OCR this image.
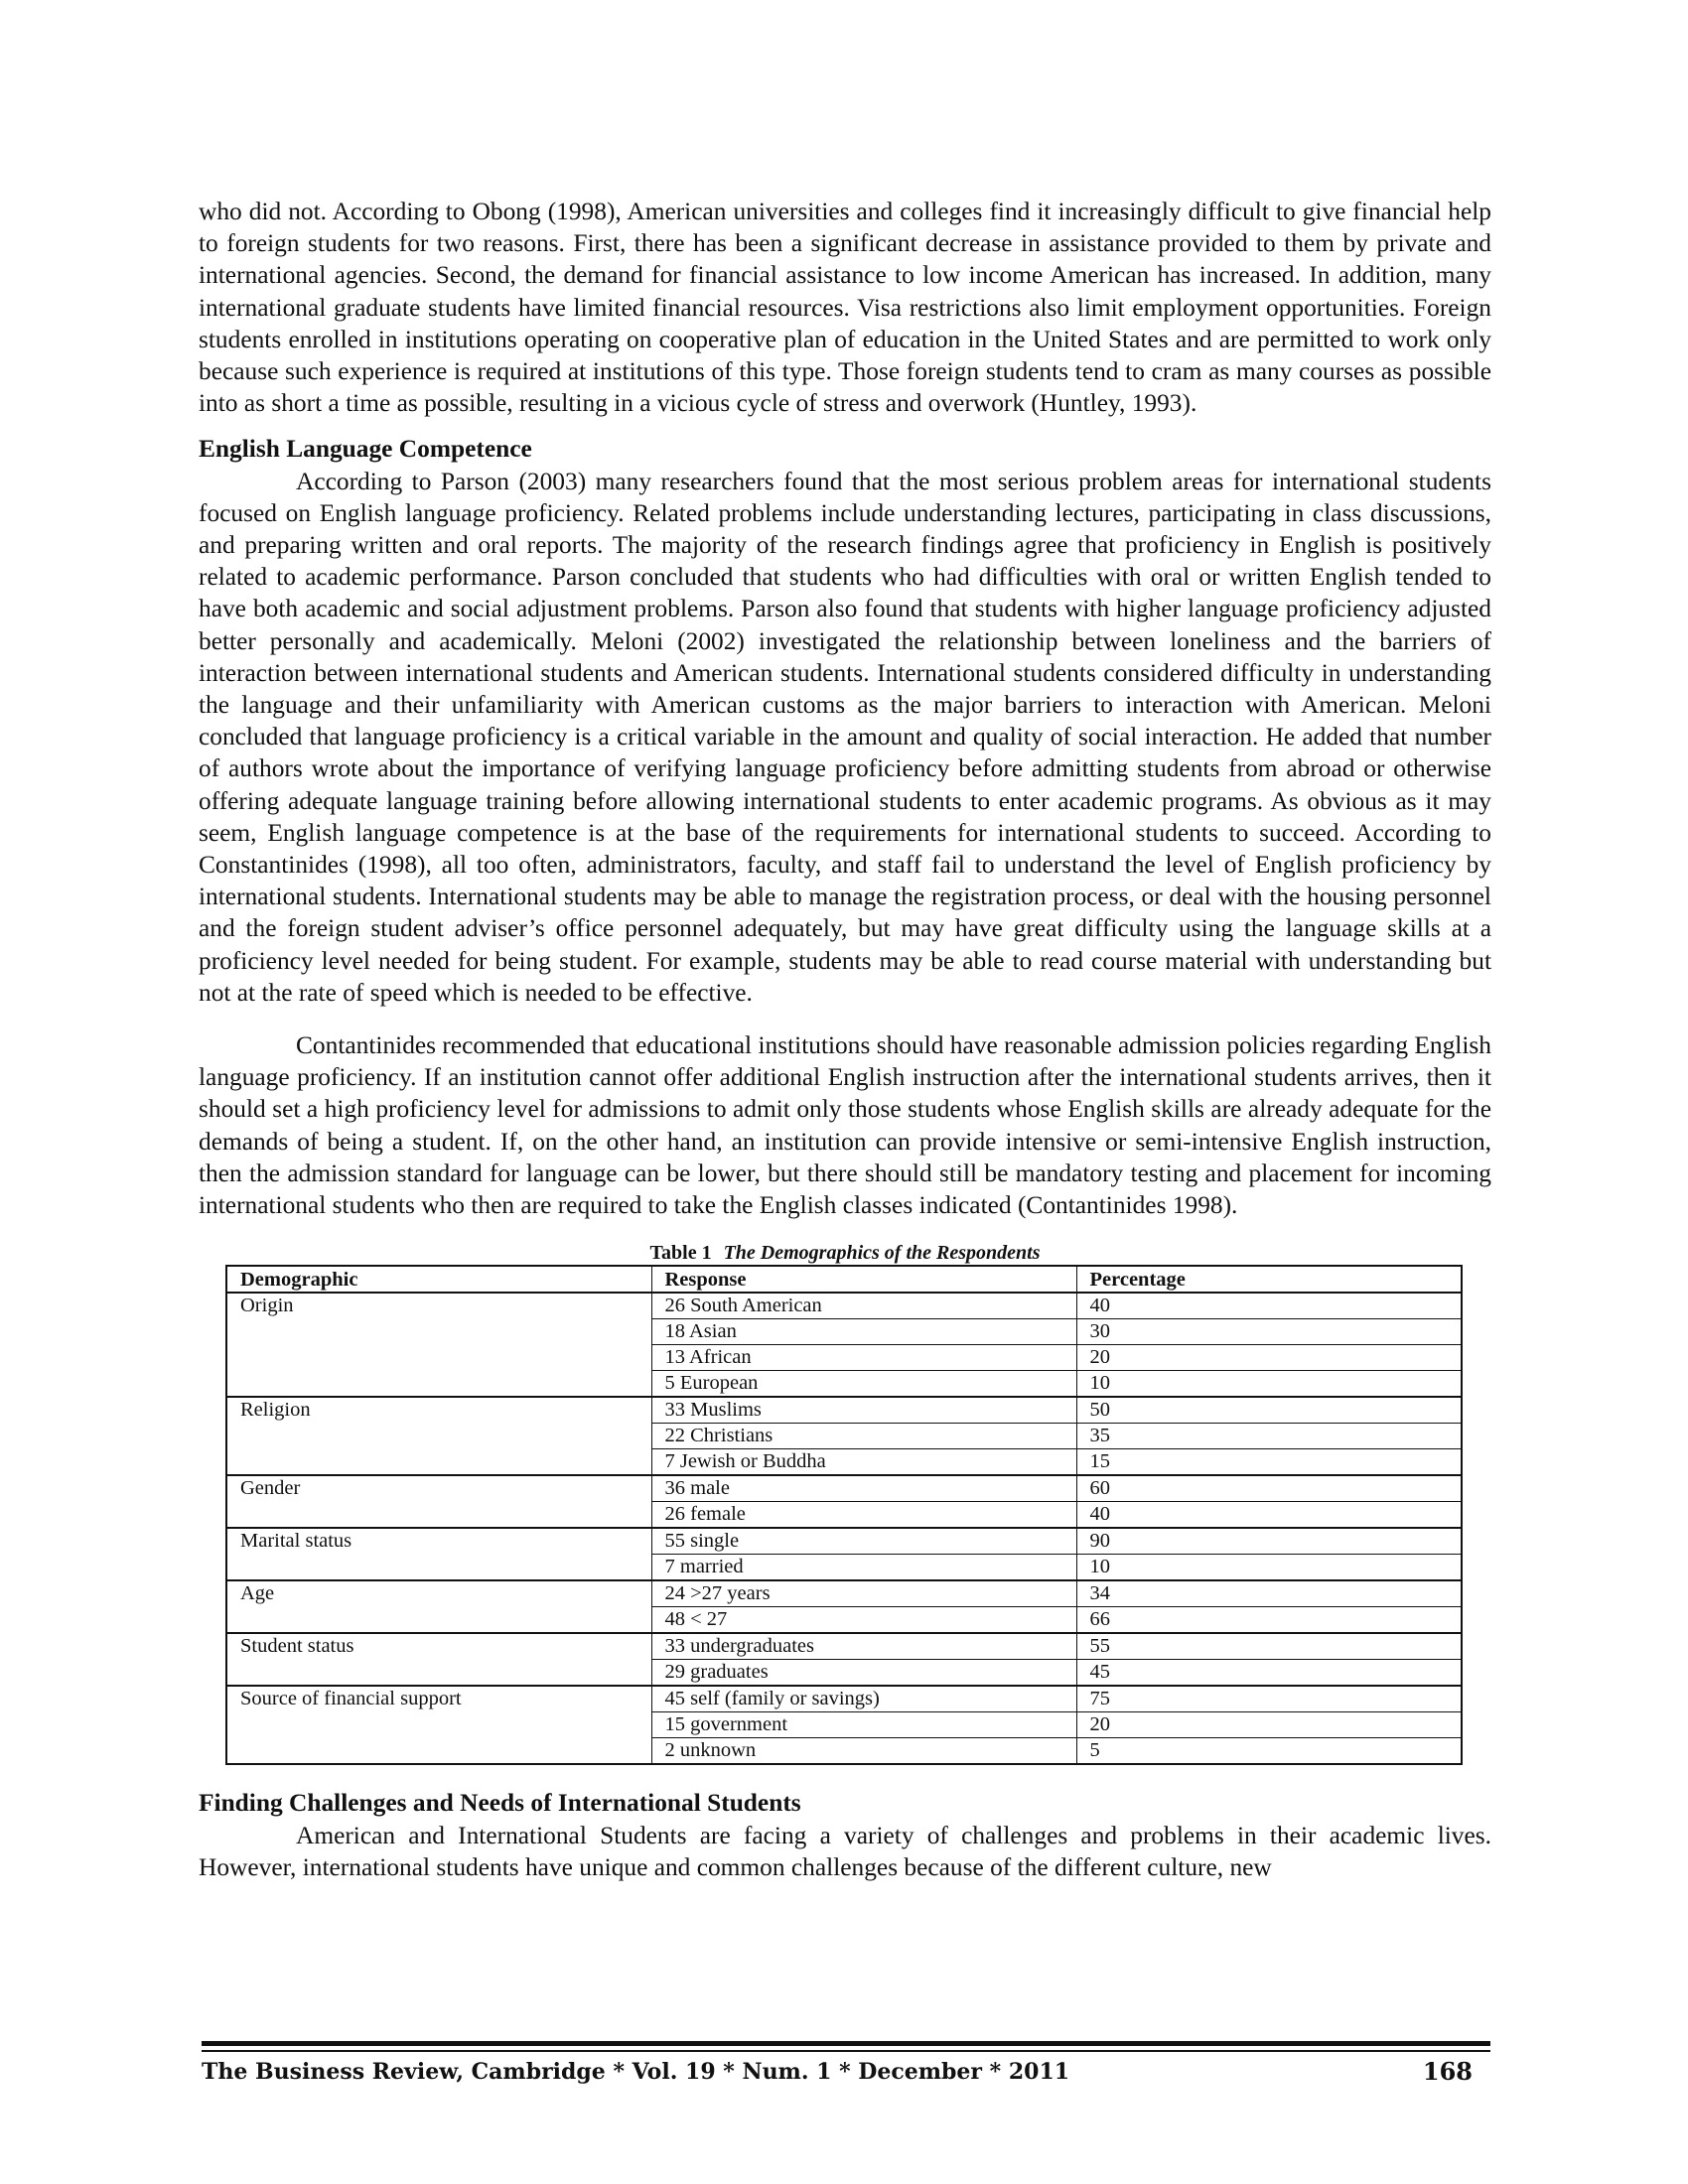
who did not. According to Obong (1998), American universities and colleges find it increasingly difficult to give financial help to foreign students for two reasons. First, there has been a significant decrease in assistance provided to them by private and international agencies. Second, the demand for financial assistance to low income American has increased. In addition, many international graduate students have limited financial resources. Visa restrictions also limit employment opportunities. Foreign students enrolled in institutions operating on cooperative plan of education in the United States and are permitted to work only because such experience is required at institutions of this type. Those foreign students tend to cram as many courses as possible into as short a time as possible, resulting in a vicious cycle of stress and overwork (Huntley, 1993).

English Language Competence

According to Parson (2003) many researchers found that the most serious problem areas for international students focused on English language proficiency. Related problems include understanding lectures, participating in class discussions, and preparing written and oral reports. The majority of the research findings agree that proficiency in English is positively related to academic performance. Parson concluded that students who had difficulties with oral or written English tended to have both academic and social adjustment problems. Parson also found that students with higher language proficiency adjusted better personally and academically. Meloni (2002) investigated the relationship between loneliness and the barriers of interaction between international students and American students. International students considered difficulty in understanding the language and their unfamiliarity with American customs as the major barriers to interaction with American. Meloni concluded that language proficiency is a critical variable in the amount and quality of social interaction. He added that number of authors wrote about the importance of verifying language proficiency before admitting students from abroad or otherwise offering adequate language training before allowing international students to enter academic programs. As obvious as it may seem, English language competence is at the base of the requirements for international students to succeed. According to Constantinides (1998), all too often, administrators, faculty, and staff fail to understand the level of English proficiency by international students. International students may be able to manage the registration process, or deal with the housing personnel and the foreign student adviser’s office personnel adequately, but may have great difficulty using the language skills at a proficiency level needed for being student. For example, students may be able to read course material with understanding but not at the rate of speed which is needed to be effective.

Contantinides recommended that educational institutions should have reasonable admission policies regarding English language proficiency. If an institution cannot offer additional English instruction after the international students arrives, then it should set a high proficiency level for admissions to admit only those students whose English skills are already adequate for the demands of being a student. If, on the other hand, an institution can provide intensive or semi-intensive English instruction, then the admission standard for language can be lower, but there should still be mandatory testing and placement for incoming international students who then are required to take the English classes indicated (Contantinides 1998).

Table 1 The Demographics of the Respondents
Demographic	Response	Percentage
Origin	26 South American	40
	18 Asian	30
	13 African	20
	5 European	10
Religion	33 Muslims	50
	22 Christians	35
	7 Jewish or Buddha	15
Gender	36 male	60
	26 female	40
Marital status	55 single	90
	7 married	10
Age	24 >27 years	34
	48 < 27	66
Student status	33 undergraduates	55
	29 graduates	45
Source of financial support	45 self (family or savings)	75
	15 government	20
	2 unknown	5
Finding Challenges and Needs of International Students

American and International Students are facing a variety of challenges and problems in their academic lives. However, international students have unique and common challenges because of the different culture, new

The Business Review, Cambridge * Vol. 19 * Num. 1 * December * 2011	168
